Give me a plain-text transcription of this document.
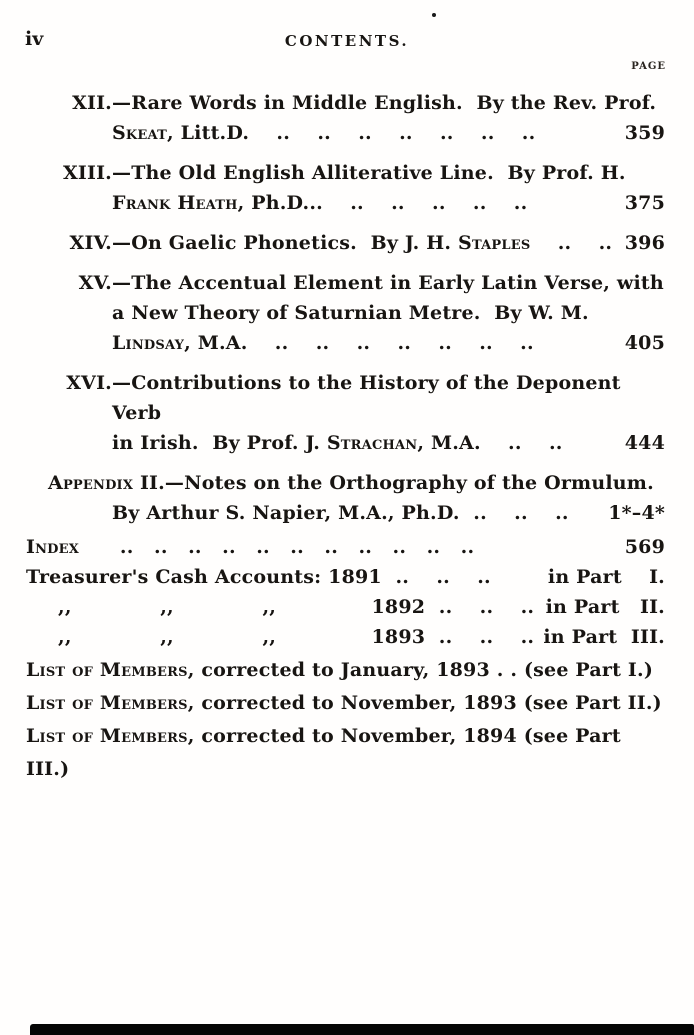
iv	CONTENTS.
PAGE
XII. —Rare Words in Middle English.  By the Rev. Prof.
Skeat, Litt.D.    ..    ..    ..    ..    ..    ..    ..	359
XIII. —The Old English Alliterative Line.  By Prof. H.
Frank Heath, Ph.D...    ..    ..    ..    ..    ..	375
XIV. —On Gaelic Phonetics.  By J. H. Staples    ..    .. 396
XV. —The Accentual Element in Early Latin Verse, with
a New Theory of Saturnian Metre.  By W. M.
Lindsay, M.A.    ..    ..    ..    ..    ..    ..    ..	405
XVI. —Contributions to the History of the Deponent Verb
in Irish.  By Prof. J. Strachan, M.A.    ..    ..	444
Appendix II.—Notes on the Orthography of the Ormulum.
By Arthur S. Napier, M.A., Ph.D.  ..    ..    ..	1*–4*
Index      ..   ..   ..   ..   ..   ..   ..   ..   ..   ..   ..	569
Treasurer's Cash Accounts: 1891  ..    ..    ..	in Part    I.
,,             ,,             ,,              1892  ..    ..    .. in Part   II.
,,             ,,             ,,              1893  ..    ..    .. in Part  III.
List of Members, corrected to January, 1893 . . (see Part I.)
List of Members, corrected to November, 1893 (see Part II.)
List of Members, corrected to November, 1894 (see Part III.)
